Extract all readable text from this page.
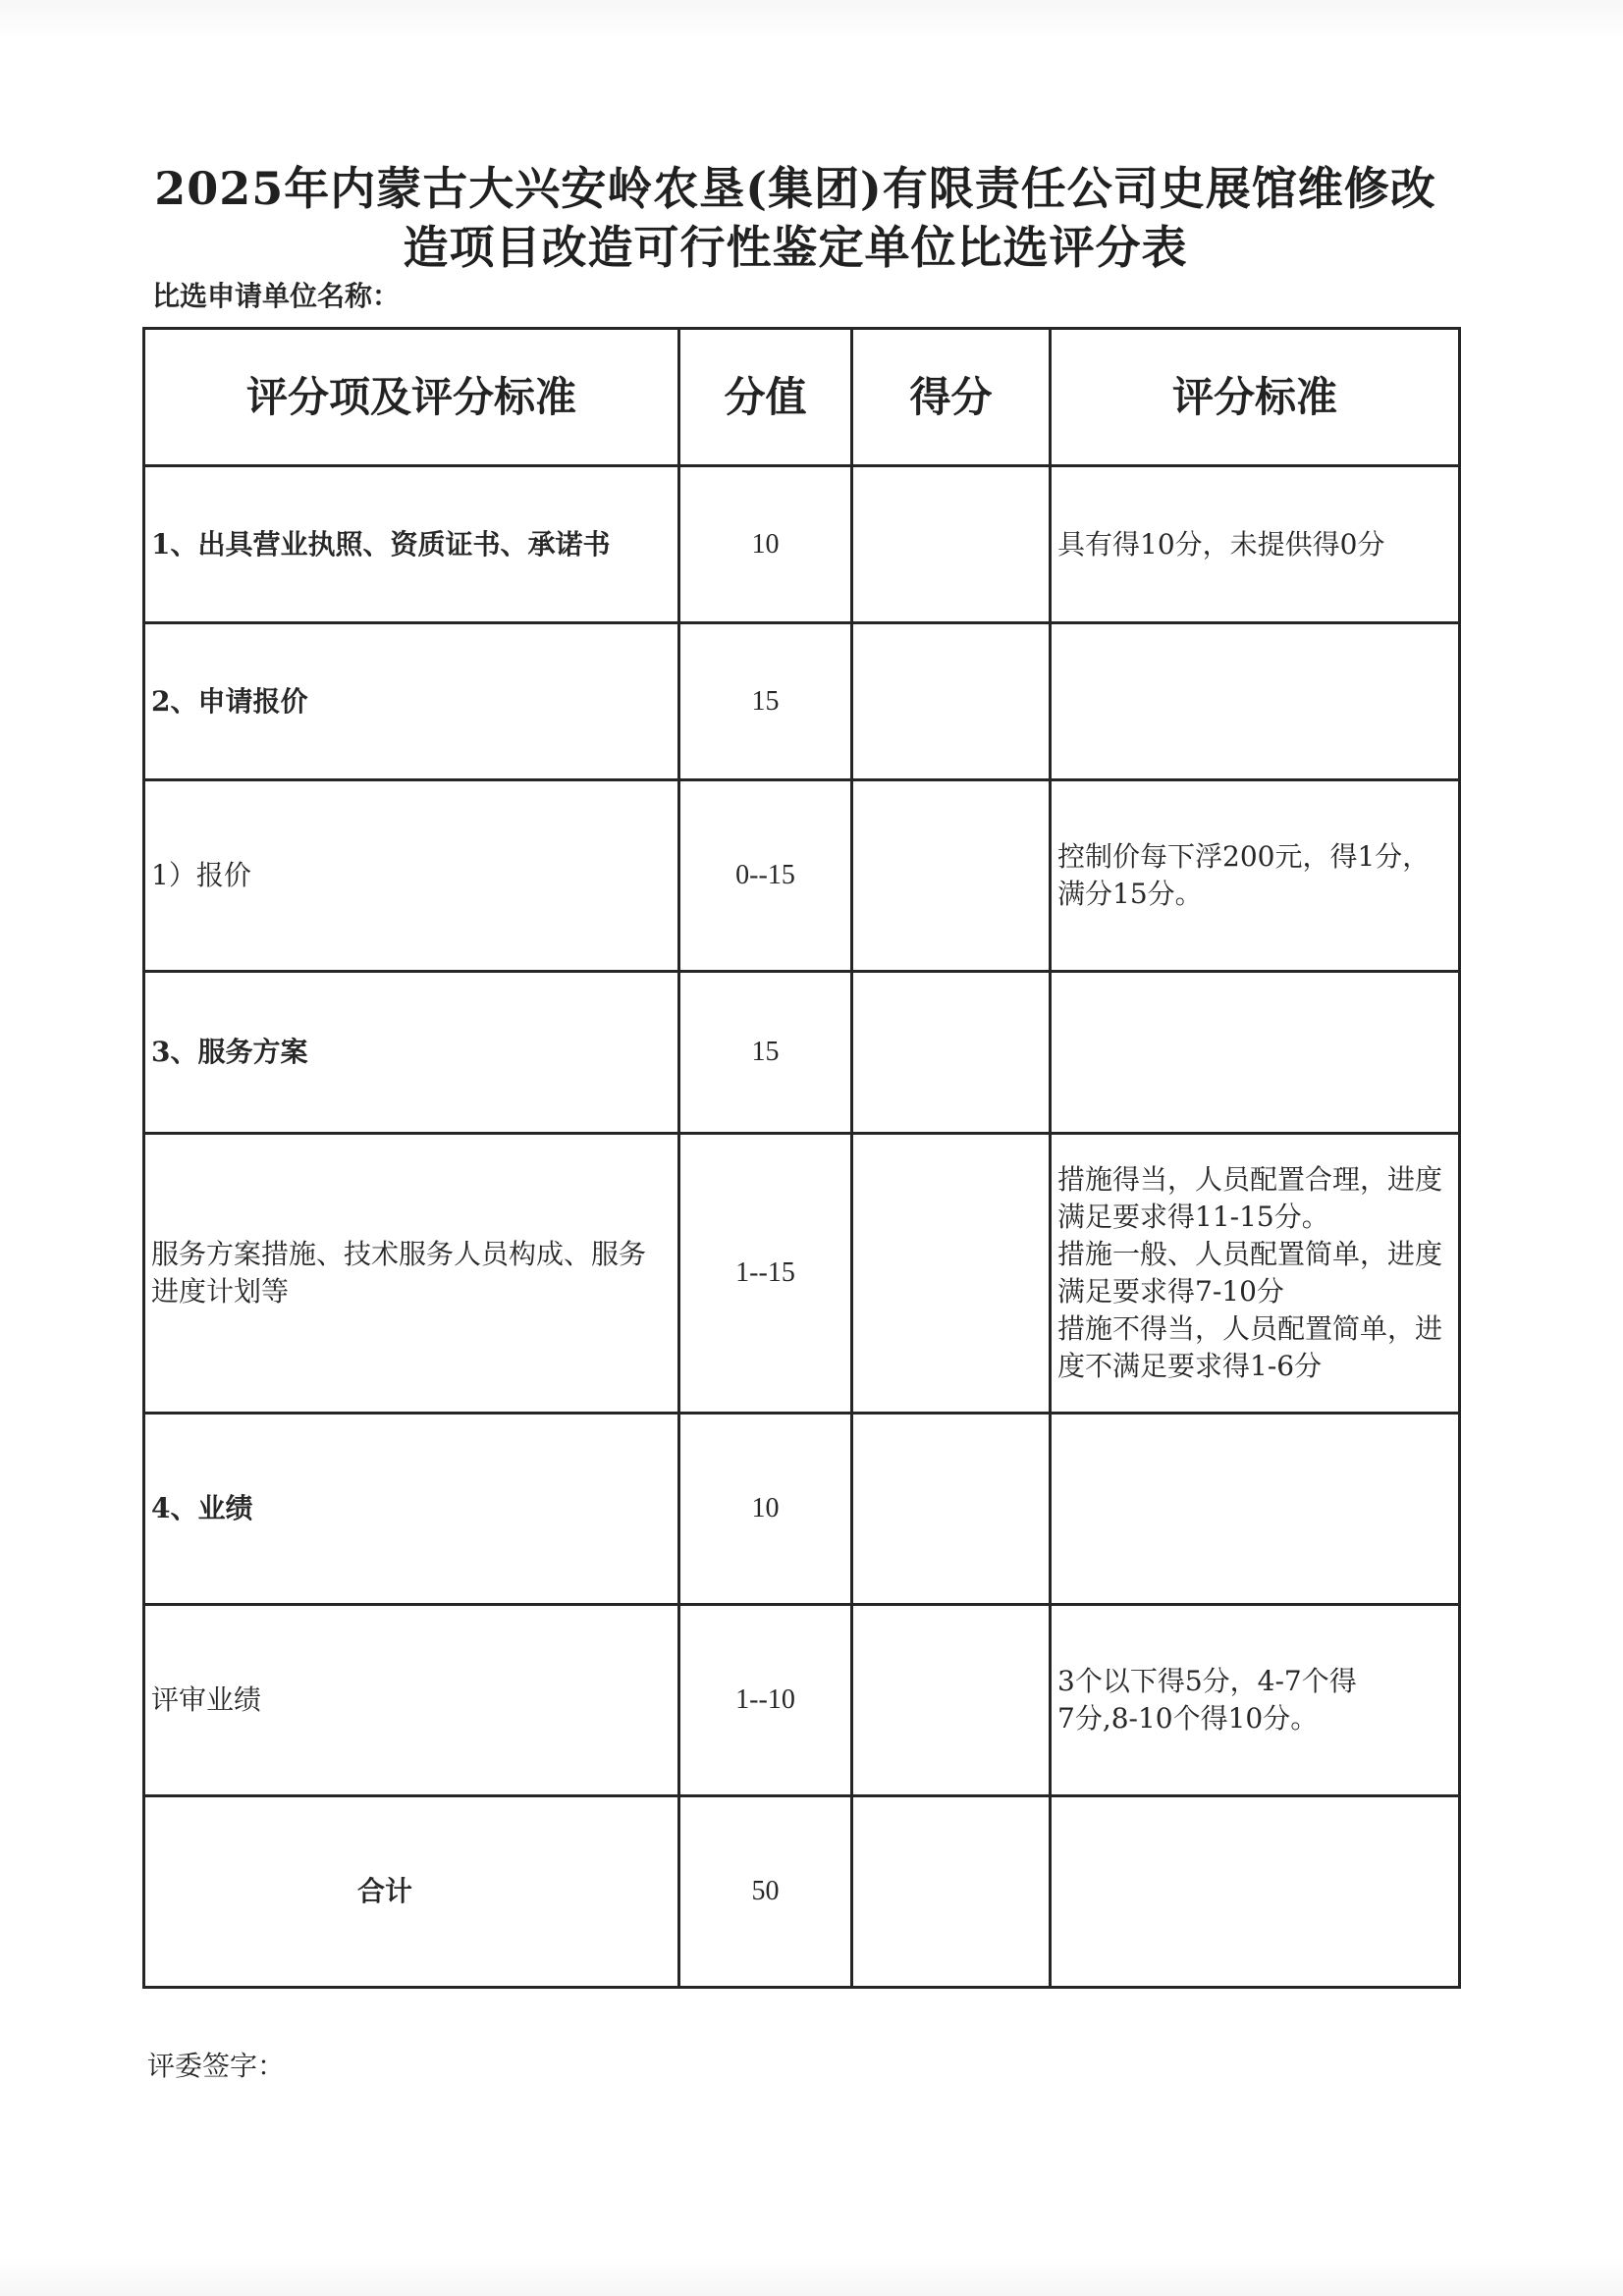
2025年内蒙古大兴安岭农垦(集团)有限责任公司史展馆维修改造项目改造可行性鉴定单位比选评分表
比选申请单位名称：
评分项及评分标准	分值	得分	评分标准
1、出具营业执照、资质证书、承诺书	10		具有得10分，未提供得0分
2、申请报价	15		
1）报价	0--15		控制价每下浮200元，得1分，
满分15分。
3、服务方案	15		
服务方案措施、技术服务人员构成、服务进度计划等	1--15		措施得当，人员配置合理，进度满足要求得11-15分。
措施一般、人员配置简单，进度满足要求得7-10分
措施不得当，人员配置简单，进度不满足要求得1-6分
4、业绩	10		
评审业绩	1--10		3个以下得5分，4-7个得
7分,8-10个得10分。
合计	50		
评委签字：
